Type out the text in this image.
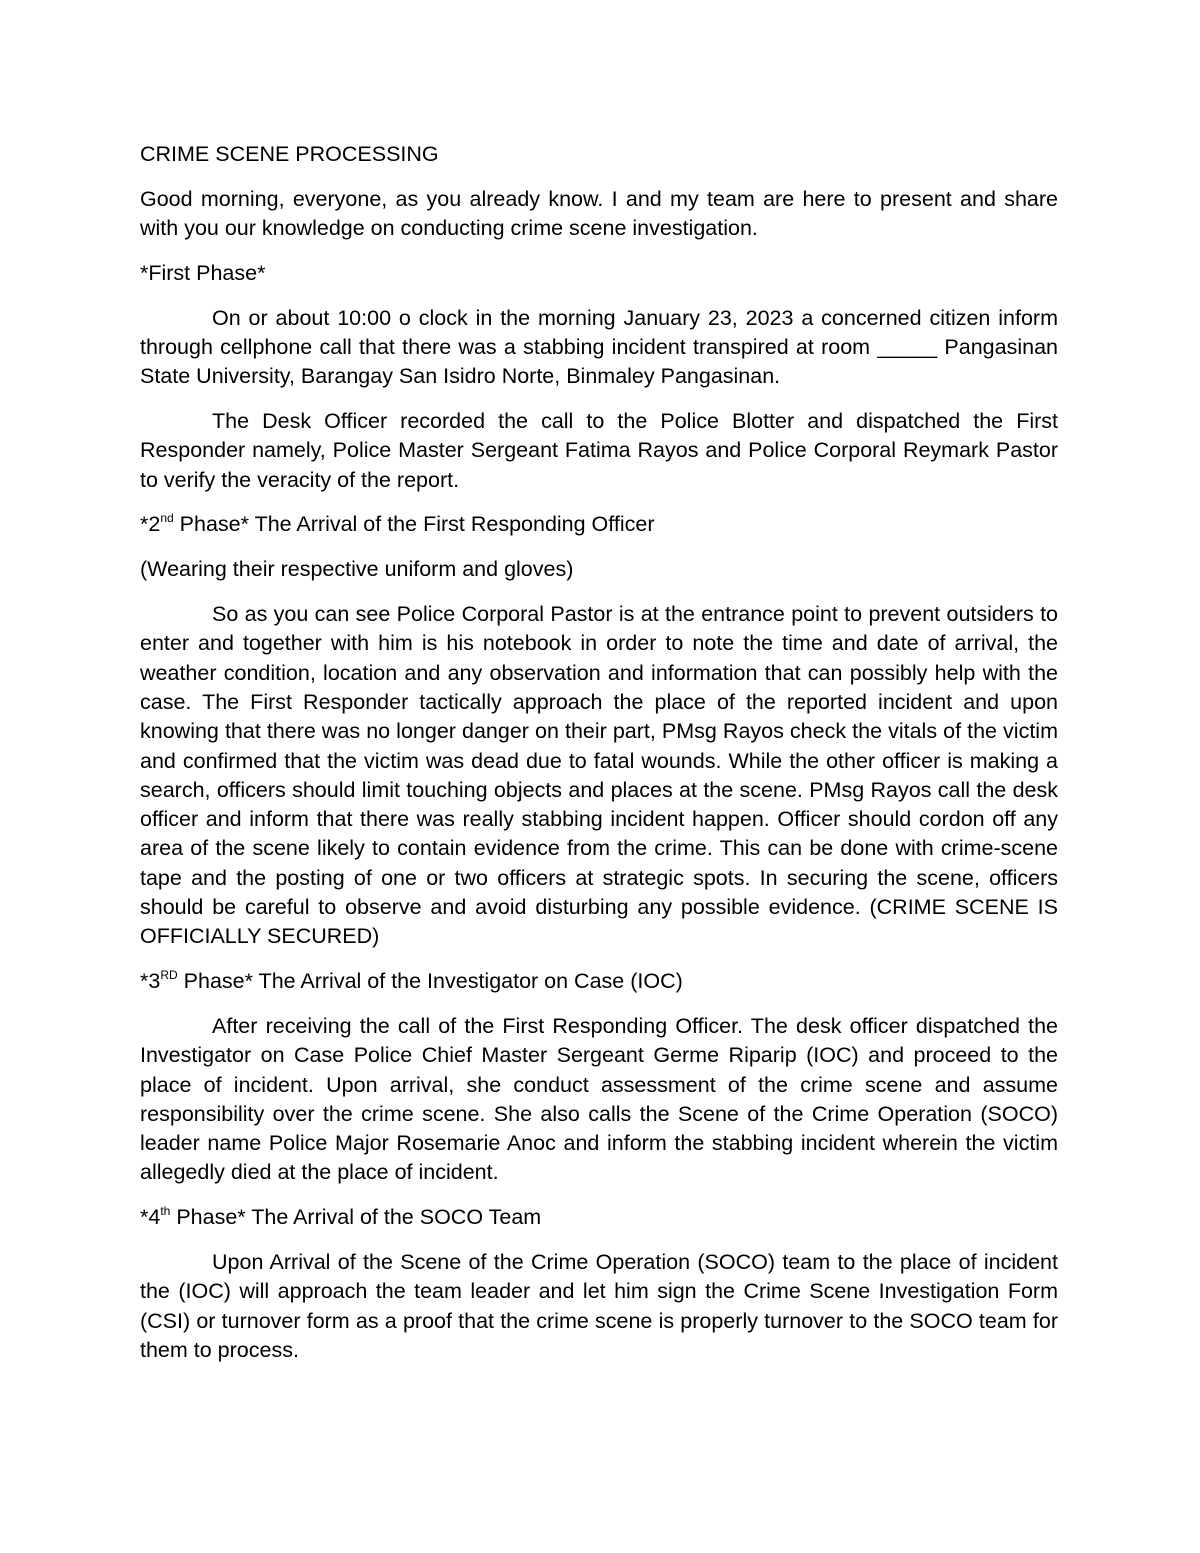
CRIME SCENE PROCESSING

Good morning, everyone, as you already know. I and my team are here to present and share with you our knowledge on conducting crime scene investigation.

*First Phase*

On or about 10:00 o clock in the morning January 23, 2023 a concerned citizen inform through cellphone call that there was a stabbing incident transpired at room _____ Pangasinan State University, Barangay San Isidro Norte, Binmaley Pangasinan.

The Desk Officer recorded the call to the Police Blotter and dispatched the First Responder namely, Police Master Sergeant Fatima Rayos and Police Corporal Reymark Pastor to verify the veracity of the report.

*2nd Phase* The Arrival of the First Responding Officer

(Wearing their respective uniform and gloves)

So as you can see Police Corporal Pastor is at the entrance point to prevent outsiders to enter and together with him is his notebook in order to note the time and date of arrival, the weather condition, location and any observation and information that can possibly help with the case. The First Responder tactically approach the place of the reported incident and upon knowing that there was no longer danger on their part, PMsg Rayos check the vitals of the victim and confirmed that the victim was dead due to fatal wounds. While the other officer is making a search, officers should limit touching objects and places at the scene. PMsg Rayos call the desk officer and inform that there was really stabbing incident happen. Officer should cordon off any area of the scene likely to contain evidence from the crime. This can be done with crime-scene tape and the posting of one or two officers at strategic spots. In securing the scene, officers should be careful to observe and avoid disturbing any possible evidence. (CRIME SCENE IS OFFICIALLY SECURED)

*3RD Phase* The Arrival of the Investigator on Case (IOC)

After receiving the call of the First Responding Officer. The desk officer dispatched the Investigator on Case Police Chief Master Sergeant Germe Riparip (IOC) and proceed to the place of incident. Upon arrival, she conduct assessment of the crime scene and assume responsibility over the crime scene. She also calls the Scene of the Crime Operation (SOCO) leader name Police Major Rosemarie Anoc and inform the stabbing incident wherein the victim allegedly died at the place of incident.

*4th Phase* The Arrival of the SOCO Team

Upon Arrival of the Scene of the Crime Operation (SOCO) team to the place of incident the (IOC) will approach the team leader and let him sign the Crime Scene Investigation Form (CSI) or turnover form as a proof that the crime scene is properly turnover to the SOCO team for them to process.
